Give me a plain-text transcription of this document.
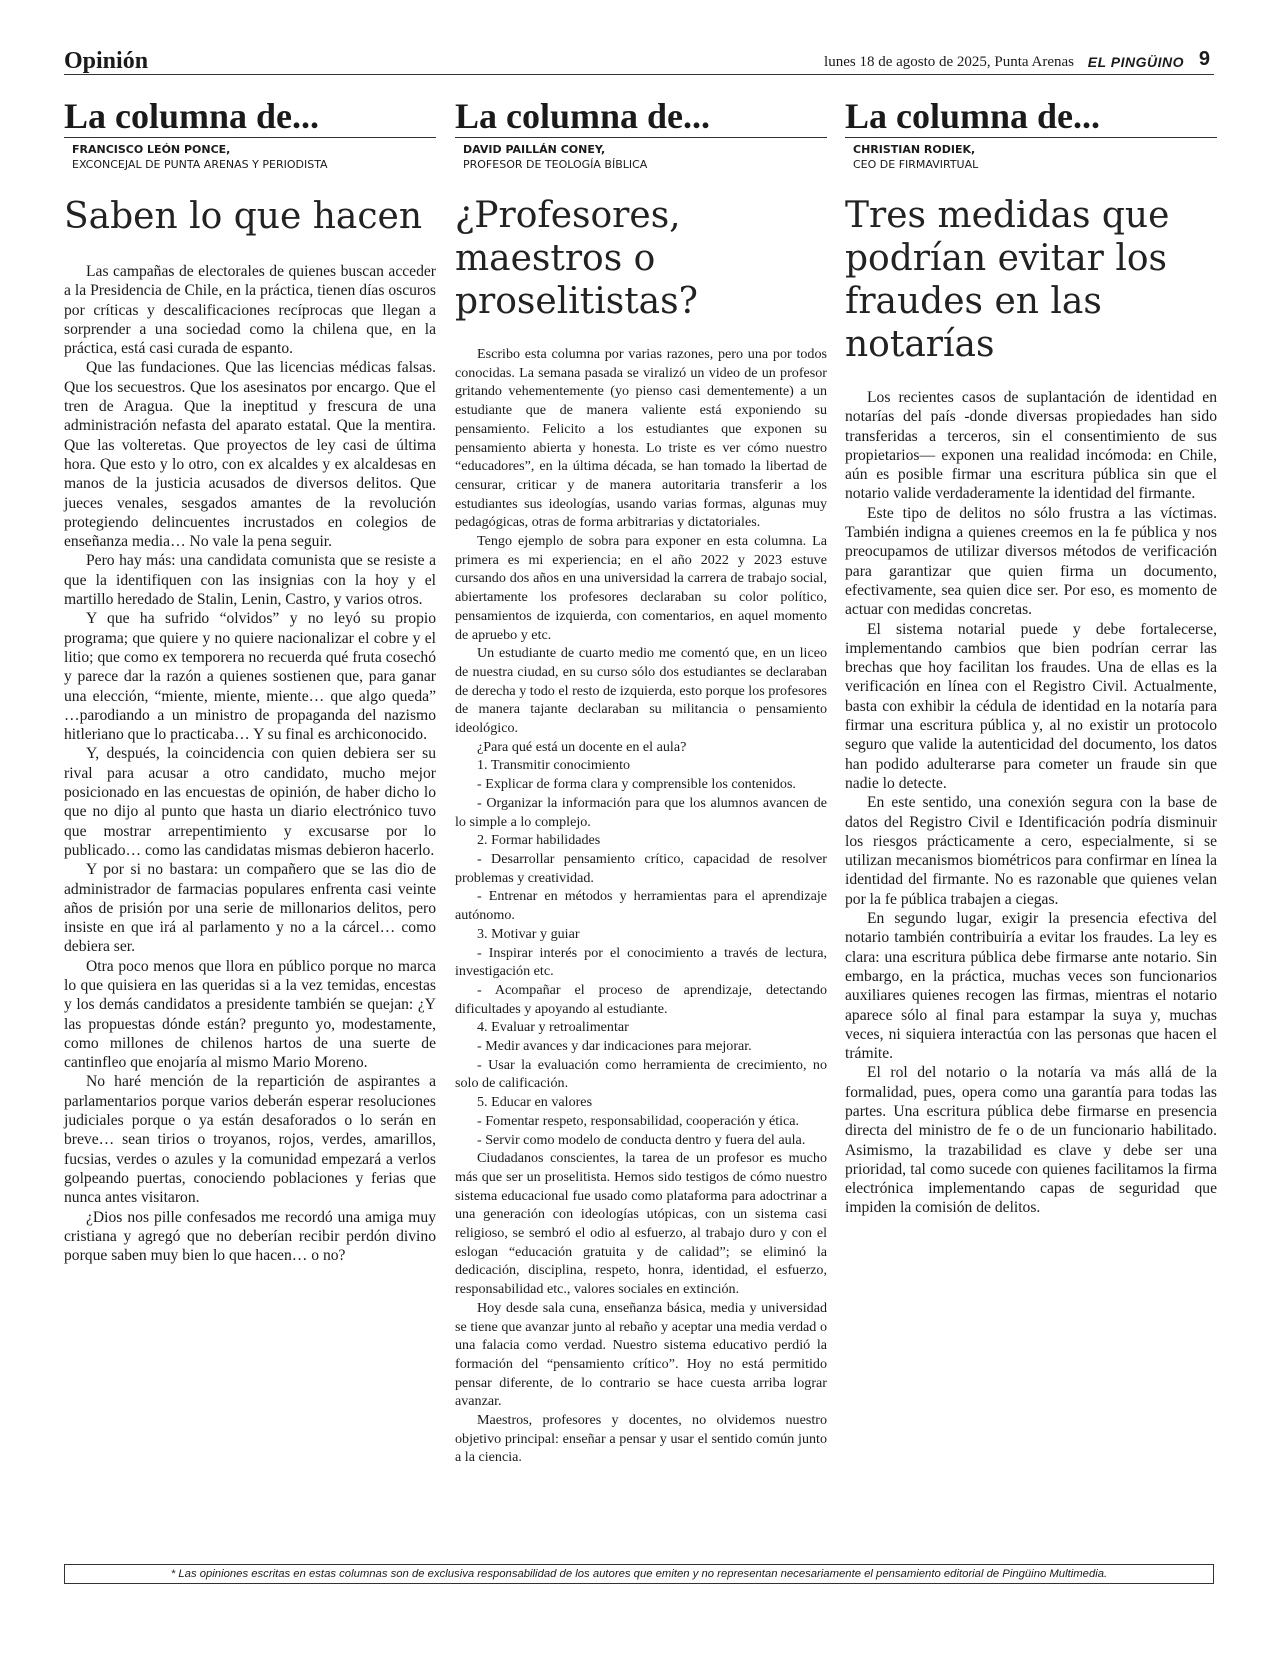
Opinión	lunes 18 de agosto de 2025, Punta Arenas EL PINGÜINO 9
La columna de...
FRANCISCO LEÓN PONCE,
EXCONCEJAL DE PUNTA ARENAS Y PERIODISTA
Saben lo que hacen

Las campañas de electorales de quienes buscan acceder a la Presidencia de Chile, en la práctica, tienen días oscuros por críticas y descalificaciones recíprocas que llegan a sorprender a una sociedad como la chilena que, en la práctica, está casi curada de espanto.

Que las fundaciones. Que las licencias médicas falsas. Que los secuestros. Que los asesinatos por encargo. Que el tren de Aragua. Que la ineptitud y frescura de una administración nefasta del aparato estatal. Que la mentira. Que las volteretas. Que proyectos de ley casi de última hora. Que esto y lo otro, con ex alcaldes y ex alcaldesas en manos de la justicia acusados de diversos delitos. Que jueces venales, sesgados amantes de la revolución protegiendo delincuentes incrustados en colegios de enseñanza media… No vale la pena seguir.

Pero hay más: una candidata comunista que se resiste a que la identifiquen con las insignias con la hoy y el martillo heredado de Stalin, Lenin, Castro, y varios otros.

Y que ha sufrido “olvidos” y no leyó su propio programa; que quiere y no quiere nacionalizar el cobre y el litio; que como ex temporera no recuerda qué fruta cosechó y parece dar la razón a quienes sostienen que, para ganar una elección, “miente, miente, miente… que algo queda” …parodiando a un ministro de propaganda del nazismo hitleriano que lo practicaba… Y su final es archiconocido.

Y, después, la coincidencia con quien debiera ser su rival para acusar a otro candidato, mucho mejor posicionado en las encuestas de opinión, de haber dicho lo que no dijo al punto que hasta un diario electrónico tuvo que mostrar arrepentimiento y excusarse por lo publicado… como las candidatas mismas debieron hacerlo.

Y por si no bastara: un compañero que se las dio de administrador de farmacias populares enfrenta casi veinte años de prisión por una serie de millonarios delitos, pero insiste en que irá al parlamento y no a la cárcel… como debiera ser.

Otra poco menos que llora en público porque no marca lo que quisiera en las queridas si a la vez temidas, encestas y los demás candidatos a presidente también se quejan: ¿Y las propuestas dónde están? pregunto yo, modestamente, como millones de chilenos hartos de una suerte de cantinfleo que enojaría al mismo Mario Moreno.

No haré mención de la repartición de aspirantes a parlamentarios porque varios deberán esperar resoluciones judiciales porque o ya están desaforados o lo serán en breve… sean tirios o troyanos, rojos, verdes, amarillos, fucsias, verdes o azules y la comunidad empezará a verlos golpeando puertas, conociendo poblaciones y ferias que nunca antes visitaron.

¿Dios nos pille confesados me recordó una amiga muy cristiana y agregó que no deberían recibir perdón divino porque saben muy bien lo que hacen… o no?

La columna de...
DAVID PAILLÁN CONEY,
PROFESOR DE TEOLOGÍA BÍBLICA
¿Profesores, maestros o proselitistas?

Escribo esta columna por varias razones, pero una por todos conocidas. La semana pasada se viralizó un video de un profesor gritando vehementemente (yo pienso casi dementemente) a un estudiante que de manera valiente está exponiendo su pensamiento. Felicito a los estudiantes que exponen su pensamiento abierta y honesta. Lo triste es ver cómo nuestro “educadores”, en la última década, se han tomado la libertad de censurar, criticar y de manera autoritaria transferir a los estudiantes sus ideologías, usando varias formas, algunas muy pedagógicas, otras de forma arbitrarias y dictatoriales.

Tengo ejemplo de sobra para exponer en esta columna. La primera es mi experiencia; en el año 2022 y 2023 estuve cursando dos años en una universidad la carrera de trabajo social, abiertamente los profesores declaraban su color político, pensamientos de izquierda, con comentarios, en aquel momento de apruebo y etc.

Un estudiante de cuarto medio me comentó que, en un liceo de nuestra ciudad, en su curso sólo dos estudiantes se declaraban de derecha y todo el resto de izquierda, esto porque los profesores de manera tajante declaraban su militancia o pensamiento ideológico.

¿Para qué está un docente en el aula?

1. Transmitir conocimiento

- Explicar de forma clara y comprensible los contenidos.

- Organizar la información para que los alumnos avancen de lo simple a lo complejo.

2. Formar habilidades

- Desarrollar pensamiento crítico, capacidad de resolver problemas y creatividad.

- Entrenar en métodos y herramientas para el aprendizaje autónomo.

3. Motivar y guiar

- Inspirar interés por el conocimiento a través de lectura, investigación etc.

- Acompañar el proceso de aprendizaje, detectando dificultades y apoyando al estudiante.

4. Evaluar y retroalimentar

- Medir avances y dar indicaciones para mejorar.

- Usar la evaluación como herramienta de crecimiento, no solo de calificación.

5. Educar en valores

- Fomentar respeto, responsabilidad, cooperación y ética.

- Servir como modelo de conducta dentro y fuera del aula.

Ciudadanos conscientes, la tarea de un profesor es mucho más que ser un proselitista. Hemos sido testigos de cómo nuestro sistema educacional fue usado como plataforma para adoctrinar a una generación con ideologías utópicas, con un sistema casi religioso, se sembró el odio al esfuerzo, al trabajo duro y con el eslogan “educación gratuita y de calidad”; se eliminó la dedicación, disciplina, respeto, honra, identidad, el esfuerzo, responsabilidad etc., valores sociales en extinción.

Hoy desde sala cuna, enseñanza básica, media y universidad se tiene que avanzar junto al rebaño y aceptar una media verdad o una falacia como verdad. Nuestro sistema educativo perdió la formación del “pensamiento crítico”. Hoy no está permitido pensar diferente, de lo contrario se hace cuesta arriba lograr avanzar.

Maestros, profesores y docentes, no olvidemos nuestro objetivo principal: enseñar a pensar y usar el sentido común junto a la ciencia.

La columna de...
CHRISTIAN RODIEK,
CEO DE FIRMAVIRTUAL
Tres medidas que podrían evitar los fraudes en las notarías

Los recientes casos de suplantación de identidad en notarías del país -donde diversas propiedades han sido transferidas a terceros, sin el consentimiento de sus propietarios— exponen una realidad incómoda: en Chile, aún es posible firmar una escritura pública sin que el notario valide verdaderamente la identidad del firmante.

Este tipo de delitos no sólo frustra a las víctimas. También indigna a quienes creemos en la fe pública y nos preocupamos de utilizar diversos métodos de verificación para garantizar que quien firma un documento, efectivamente, sea quien dice ser. Por eso, es momento de actuar con medidas concretas.

El sistema notarial puede y debe fortalecerse, implementando cambios que bien podrían cerrar las brechas que hoy facilitan los fraudes. Una de ellas es la verificación en línea con el Registro Civil. Actualmente, basta con exhibir la cédula de identidad en la notaría para firmar una escritura pública y, al no existir un protocolo seguro que valide la autenticidad del documento, los datos han podido adulterarse para cometer un fraude sin que nadie lo detecte.

En este sentido, una conexión segura con la base de datos del Registro Civil e Identificación podría disminuir los riesgos prácticamente a cero, especialmente, si se utilizan mecanismos biométricos para confirmar en línea la identidad del firmante. No es razonable que quienes velan por la fe pública trabajen a ciegas.

En segundo lugar, exigir la presencia efectiva del notario también contribuiría a evitar los fraudes. La ley es clara: una escritura pública debe firmarse ante notario. Sin embargo, en la práctica, muchas veces son funcionarios auxiliares quienes recogen las firmas, mientras el notario aparece sólo al final para estampar la suya y, muchas veces, ni siquiera interactúa con las personas que hacen el trámite.

El rol del notario o la notaría va más allá de la formalidad, pues, opera como una garantía para todas las partes. Una escritura pública debe firmarse en presencia directa del ministro de fe o de un funcionario habilitado. Asimismo, la trazabilidad es clave y debe ser una prioridad, tal como sucede con quienes facilitamos la firma electrónica implementando capas de seguridad que impiden la comisión de delitos.

* Las opiniones escritas en estas columnas son de exclusiva responsabilidad de los autores que emiten y no representan necesariamente el pensamiento editorial de Pingüino Multimedia.
